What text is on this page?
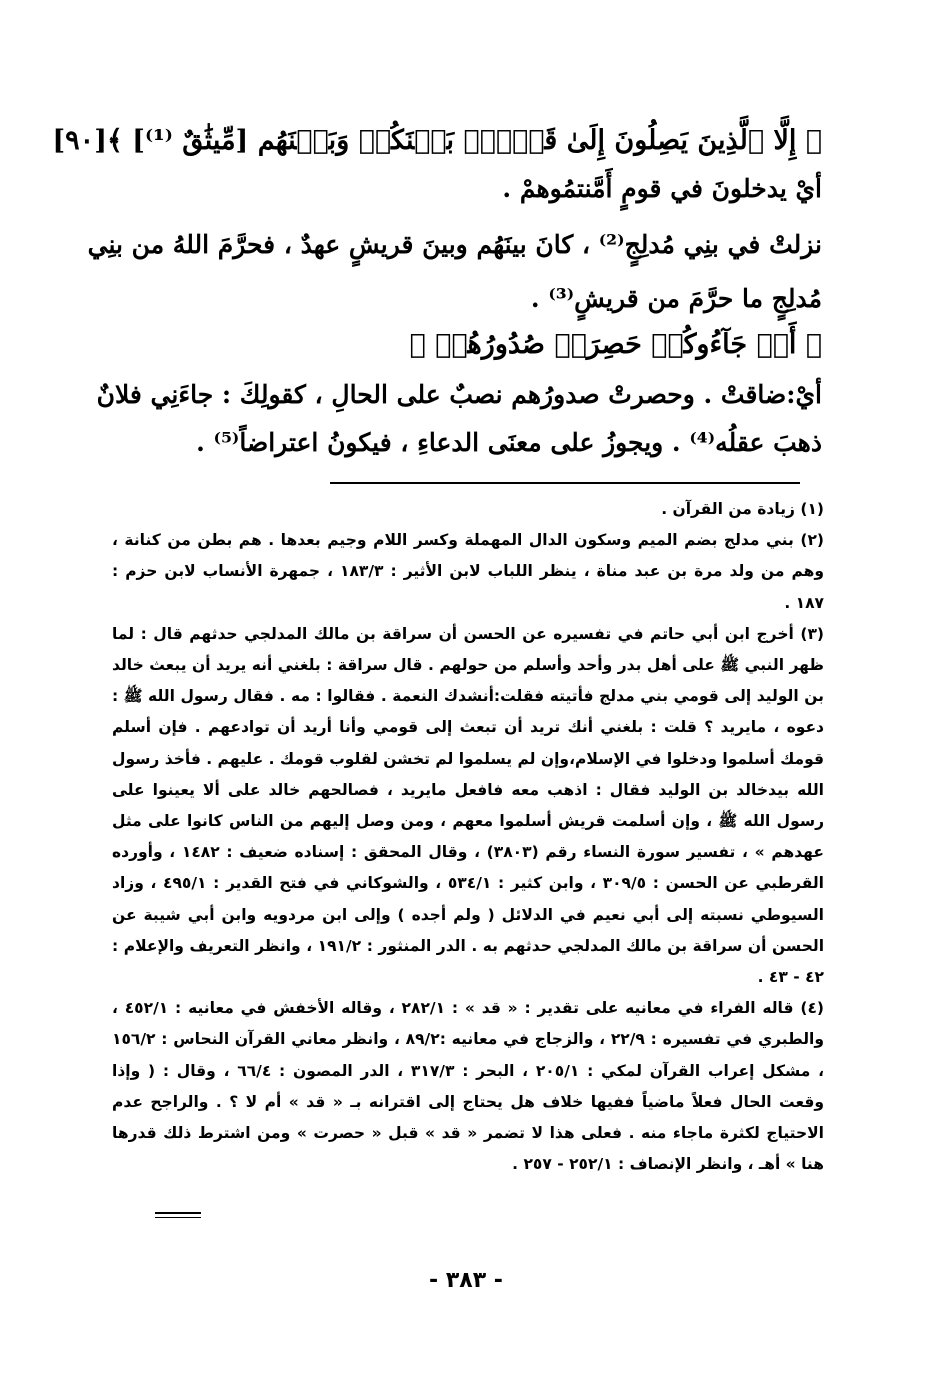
﴿ إِلَّا ٱلَّذِينَ يَصِلُونَ إِلَىٰ قَوۡمِۭ بَيۡنَكُمۡ وَبَيۡنَهُم [مِّيثَٰقٌ ⁽¹⁾] ﴾[٩٠]
أيْ يدخلونَ في قومٍ أَمَّنتمُوهمْ .
نزلتْ في بنِي مُدلِجٍ⁽²⁾ ، كانَ بينَهُم وبينَ قريشٍ عهدٌ ، فحرَّمَ اللهُ من بنِي
مُدلِجٍ ما حرَّمَ من قريشٍ⁽³⁾ .
﴿ أَوۡ جَآءُوكُمۡ حَصِرَتۡ صُدُورُهُمۡ ﴾
أيْ:ضاقتْ . وحصرتْ صدورُهم نصبٌ على الحالِ ، كقولِكَ : جاءَنِي فلانٌ
ذهبَ عقلُه⁽⁴⁾ . ويجوزُ على معنَى الدعاءِ ، فيكونُ اعتراضاً⁽⁵⁾ .
(١) زيادة من القرآن .
(٢) بني مدلج بضم الميم وسكون الدال المهملة وكسر اللام وجيم بعدها . هم بطن من كنانة ، وهم من ولد مرة بن عبد مناة ، ينظر اللباب لابن الأثير : ١٨٣/٣ ، جمهرة الأنساب لابن حزم : ١٨٧ .
(٣) أخرج ابن أبي حاتم في تفسيره عن الحسن أن سراقة بن مالك المدلجي حدثهم قال : لما ظهر النبي ﷺ على أهل بدر وأحد وأسلم من حولهم . قال سراقة : بلغني أنه يريد أن يبعث خالد بن الوليد إلى قومي بني مدلج فأتيته فقلت:أنشدك النعمة . فقالوا : مه . فقال رسول الله ﷺ : دعوه ، مايريد ؟ قلت : بلغني أنك تريد أن تبعث إلى قومي وأنا أريد أن توادعهم . فإن أسلم قومك أسلموا ودخلوا في الإسلام،وإن لم يسلموا لم تخشن لقلوب قومك . عليهم . فأخذ رسول الله بيدخالد بن الوليد فقال : اذهب معه فافعل مايريد ، فصالحهم خالد على ألا يعينوا على رسول الله ﷺ ، وإن أسلمت قريش أسلموا معهم ، ومن وصل إليهم من الناس كانوا على مثل عهدهم » ، تفسير سورة النساء رقم (٣٨٠٣) ، وقال المحقق : إسناده ضعيف : ١٤٨٢ ، وأورده القرطبي عن الحسن : ٣٠٩/٥ ، وابن كثير : ٥٣٤/١ ، والشوكاني في فتح القدير : ٤٩٥/١ ، وزاد السيوطي نسبته إلى أبي نعيم في الدلائل ( ولم أجده ) وإلى ابن مردويه وابن أبي شيبة عن الحسن أن سراقة بن مالك المدلجي حدثهم به . الدر المنثور : ١٩١/٢ ، وانظر التعريف والإعلام : ٤٢ - ٤٣ .
(٤) قاله الفراء في معانيه على تقدير : « قد » : ٢٨٢/١ ، وقاله الأخفش في معانيه : ٤٥٢/١ ، والطبري في تفسيره : ٢٢/٩ ، والزجاج في معانيه :٨٩/٢ ، وانظر معاني القرآن النحاس : ١٥٦/٢ ، مشكل إعراب القرآن لمكي : ٢٠٥/١ ، البحر : ٣١٧/٣ ، الدر المصون : ٦٦/٤ ، وقال : ( وإذا وقعت الحال فعلاً ماضياً ففيها خلاف هل يحتاج إلى اقترانه بـ « قد » أم لا ؟ . والراجح عدم الاحتياج لكثرة ماجاء منه . فعلى هذا لا تضمر « قد » قبل « حصرت » ومن اشترط ذلك قدرها هنا » أهـ ، وانظر الإنصاف : ٢٥٢/١ - ٢٥٧ .
- ٣٨٣ -
